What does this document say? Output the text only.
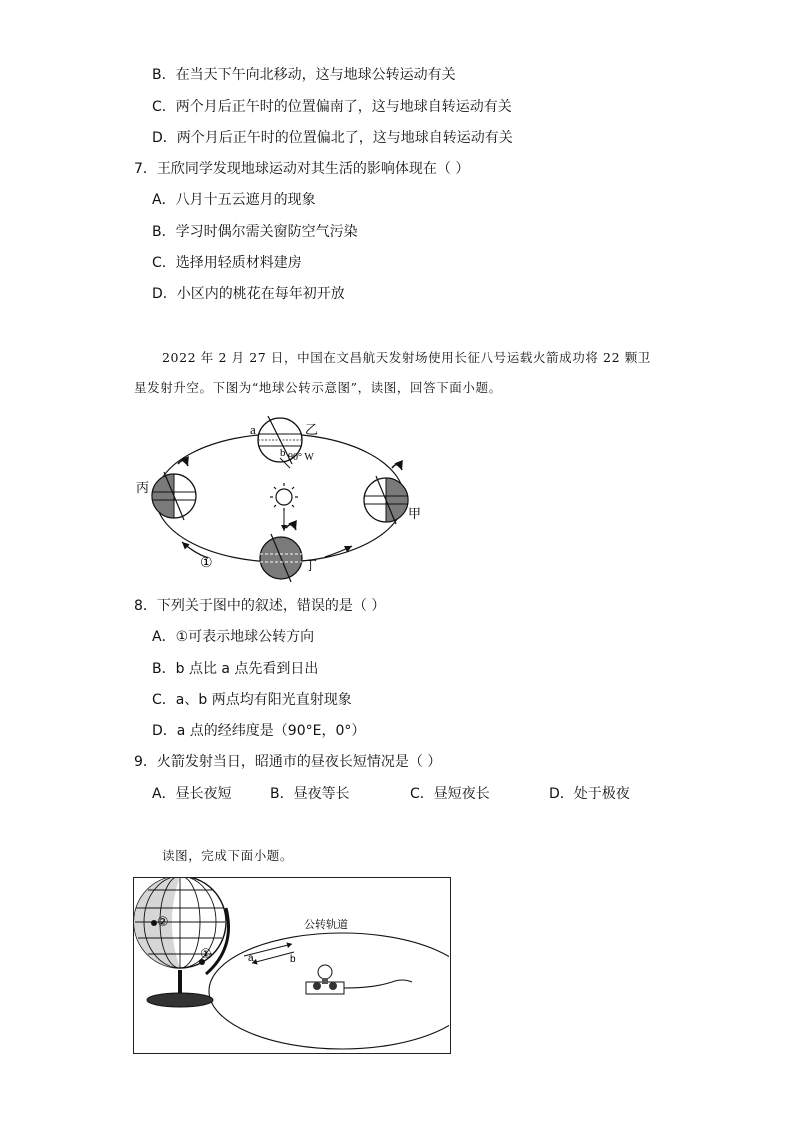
B．在当天下午向北移动，这与地球公转运动有关
C．两个月后正午时的位置偏南了，这与地球自转运动有关
D．两个月后正午时的位置偏北了，这与地球自转运动有关
7．王欣同学发现地球运动对其生活的影响体现在（ ）
A．八月十五云遮月的现象
B．学习时偶尔需关窗防空气污染
C．选择用轻质材料建房
D．小区内的桃花在每年初开放
2022 年 2 月 27 日，中国在文昌航天发射场使用长征八号运载火箭成功将 22 颗卫
星发射升空。下图为“地球公转示意图”，读图，回答下面小题。
a
b
乙
90° W
丙
甲
丁
①
8．下列关于图中的叙述，错误的是（ ）
A．①可表示地球公转方向
B．b 点比 a 点先看到日出
C．a、b 两点均有阳光直射现象
D．a 点的经纬度是（90°E，0°）
9．火箭发射当日，昭通市的昼夜长短情况是（ ）
A．昼长夜短	B．昼夜等长	C．昼短夜长	D．处于极夜
读图，完成下面小题。
公转轨道
a	b
①
②
